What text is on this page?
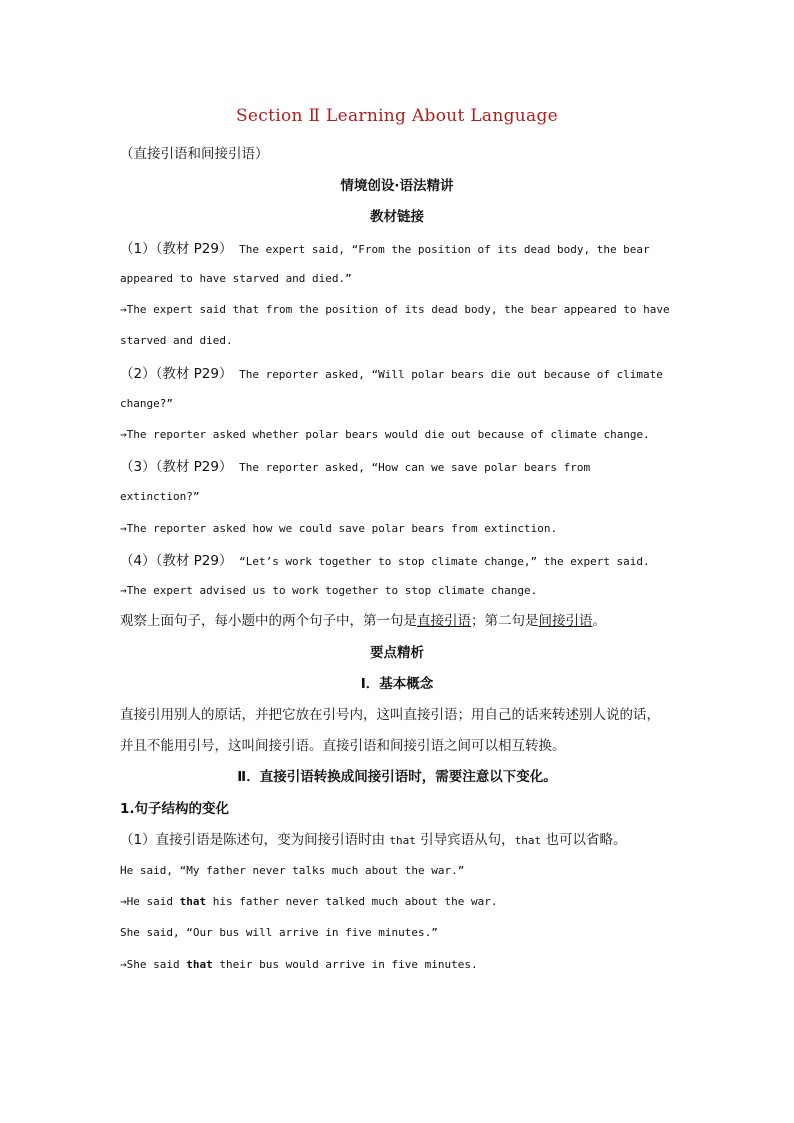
Section Ⅱ Learning About Language
（直接引语和间接引语）
情境创设·语法精讲
教材链接
（1）（教材 P29） The expert said, “From the position of its dead body, the bear
appeared to have starved and died.”
→The expert said that from the position of its dead body, the bear appeared to have
starved and died.
（2）（教材 P29） The reporter asked, “Will polar bears die out because of climate
change?”
→The reporter asked whether polar bears would die out because of climate change.
（3）（教材 P29） The reporter asked, “How can we save polar bears from
extinction?”
→The reporter asked how we could save polar bears from extinction.
（4）（教材 P29） “Let’s work together to stop climate change,” the expert said.
→The expert advised us to work together to stop climate change.
观察上面句子，每小题中的两个句子中，第一句是直接引语；第二句是间接引语。
要点精析
Ⅰ．基本概念
直接引用别人的原话，并把它放在引号内，这叫直接引语；用自己的话来转述别人说的话，
并且不能用引号，这叫间接引语。直接引语和间接引语之间可以相互转换。
Ⅱ．直接引语转换成间接引语时，需要注意以下变化。
1.句子结构的变化
（1）直接引语是陈述句，变为间接引语时由 that 引导宾语从句，that 也可以省略。
He said, “My father never talks much about the war.”
→He said that his father never talked much about the war.
She said, “Our bus will arrive in five minutes.”
→She said that their bus would arrive in five minutes.
